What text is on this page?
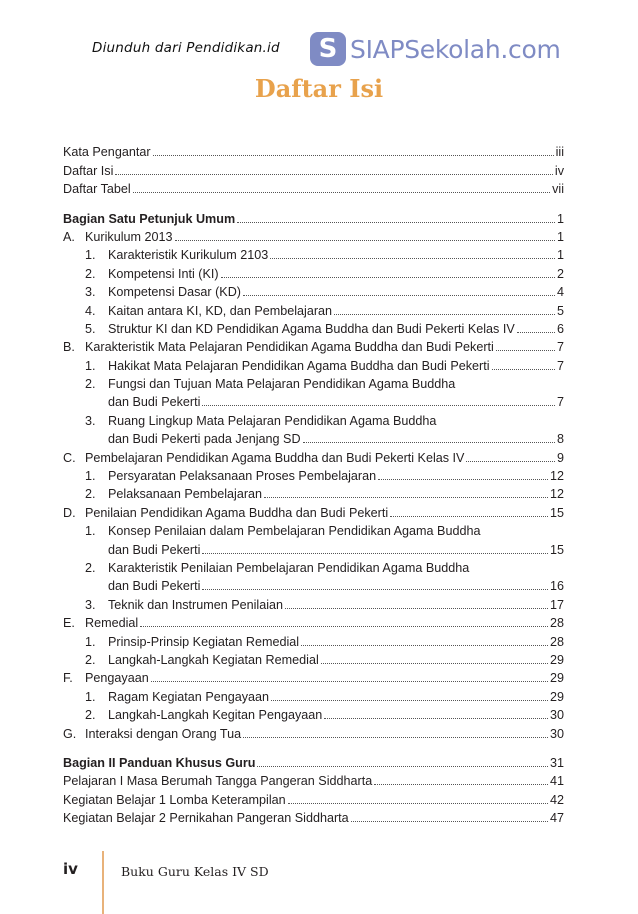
Diunduh dari Pendidikan.id	S SIAPSekolah.com
Daftar Isi
Kata Pengantar	iii
Daftar Isi	iv
Daftar Tabel	vii
Bagian Satu Petunjuk Umum	1
A. Kurikulum 2013	1
1. Karakteristik Kurikulum 2103	1
2. Kompetensi Inti (KI)	2
3. Kompetensi Dasar (KD)	4
4. Kaitan antara KI, KD, dan Pembelajaran	5
5. Struktur KI dan KD Pendidikan Agama Buddha dan Budi Pekerti Kelas IV	6
B. Karakteristik Mata Pelajaran Pendidikan Agama Buddha dan Budi Pekerti	7
1. Hakikat Mata Pelajaran Pendidikan Agama Buddha dan Budi Pekerti	7
2. Fungsi dan Tujuan Mata Pelajaran Pendidikan Agama Buddha
dan Budi Pekerti	7
3. Ruang Lingkup Mata Pelajaran Pendidikan Agama Buddha
dan Budi Pekerti pada Jenjang SD	8
C. Pembelajaran Pendidikan Agama Buddha dan Budi Pekerti Kelas IV	9
1. Persyaratan Pelaksanaan Proses Pembelajaran	12
2. Pelaksanaan Pembelajaran	12
D. Penilaian Pendidikan Agama Buddha dan Budi Pekerti	15
1. Konsep Penilaian dalam Pembelajaran Pendidikan Agama Buddha
dan Budi Pekerti	15
2. Karakteristik Penilaian Pembelajaran Pendidikan Agama Buddha
dan Budi Pekerti	16
3. Teknik dan Instrumen Penilaian	17
E. Remedial	28
1. Prinsip-Prinsip Kegiatan Remedial	28
2. Langkah-Langkah Kegiatan Remedial	29
F. Pengayaan	29
1. Ragam Kegiatan Pengayaan	29
2. Langkah-Langkah Kegitan Pengayaan	30
G. Interaksi dengan Orang Tua	30
Bagian II Panduan Khusus Guru	31
Pelajaran I Masa Berumah Tangga Pangeran Siddharta	41
Kegiatan Belajar 1 Lomba Keterampilan	42
Kegiatan Belajar 2 Pernikahan Pangeran Siddharta	47
iv	Buku Guru Kelas IV SD
